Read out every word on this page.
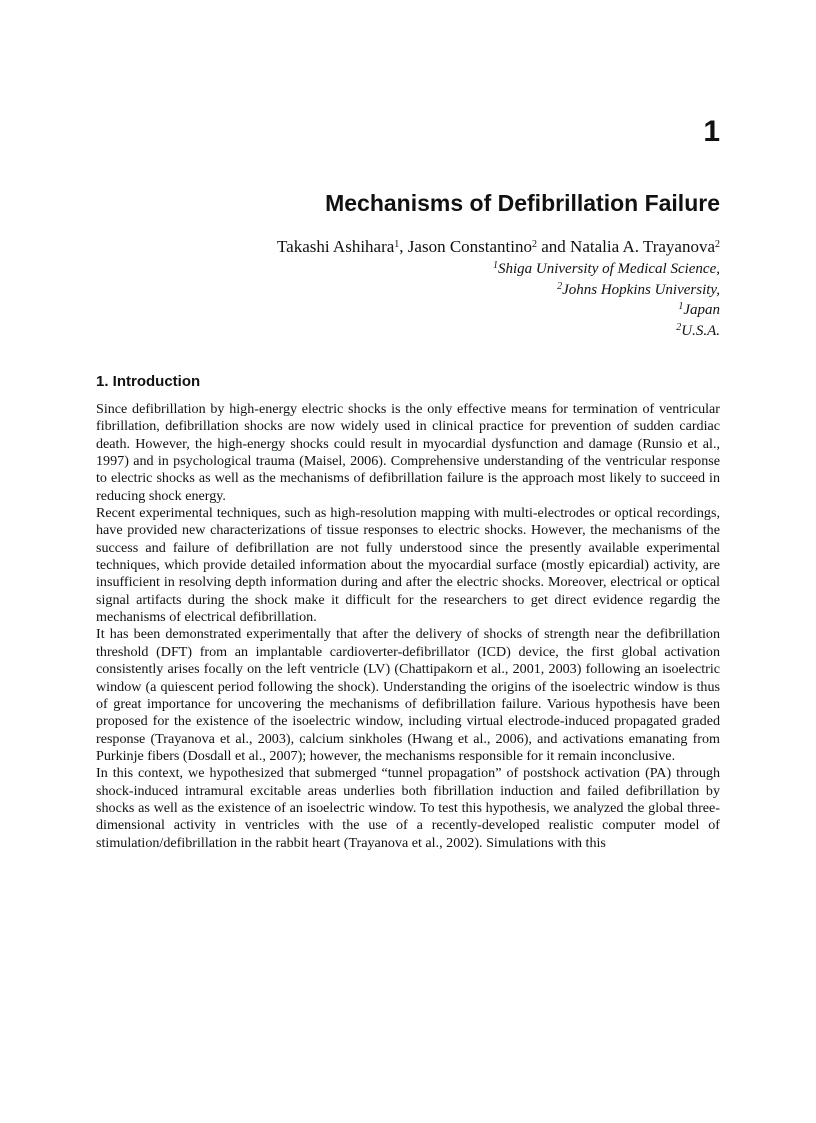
1
Mechanisms of Defibrillation Failure
Takashi Ashihara$^1$, Jason Constantino$^2$ and Natalia A. Trayanova$^2$
$^1$Shiga University of Medical Science,
$^2$Johns Hopkins University,
$^1$Japan
$^2$U.S.A.
1. Introduction

Since defibrillation by high-energy electric shocks is the only effective means for termination of ventricular fibrillation, defibrillation shocks are now widely used in clinical practice for prevention of sudden cardiac death. However, the high-energy shocks could result in myocardial dysfunction and damage (Runsio et al., 1997) and in psychological trauma (Maisel, 2006). Comprehensive understanding of the ventricular response to electric shocks as well as the mechanisms of defibrillation failure is the approach most likely to succeed in reducing shock energy.

Recent experimental techniques, such as high-resolution mapping with multi-electrodes or optical recordings, have provided new characterizations of tissue responses to electric shocks. However, the mechanisms of the success and failure of defibrillation are not fully understood since the presently available experimental techniques, which provide detailed information about the myocardial surface (mostly epicardial) activity, are insufficient in resolving depth information during and after the electric shocks. Moreover, electrical or optical signal artifacts during the shock make it difficult for the researchers to get direct evidence regardig the mechanisms of electrical defibrillation.

It has been demonstrated experimentally that after the delivery of shocks of strength near the defibrillation threshold (DFT) from an implantable cardioverter-defibrillator (ICD) device, the first global activation consistently arises focally on the left ventricle (LV) (Chattipakorn et al., 2001, 2003) following an isoelectric window (a quiescent period following the shock). Understanding the origins of the isoelectric window is thus of great importance for uncovering the mechanisms of defibrillation failure. Various hypothesis have been proposed for the existence of the isoelectric window, including virtual electrode-induced propagated graded response (Trayanova et al., 2003), calcium sinkholes (Hwang et al., 2006), and activations emanating from Purkinje fibers (Dosdall et al., 2007); however, the mechanisms responsible for it remain inconclusive.

In this context, we hypothesized that submerged “tunnel propagation” of postshock activation (PA) through shock-induced intramural excitable areas underlies both fibrillation induction and failed defibrillation by shocks as well as the existence of an isoelectric window. To test this hypothesis, we analyzed the global three-dimensional activity in ventricles with the use of a recently-developed realistic computer model of stimulation/defibrillation in the rabbit heart (Trayanova et al., 2002). Simulations with this
